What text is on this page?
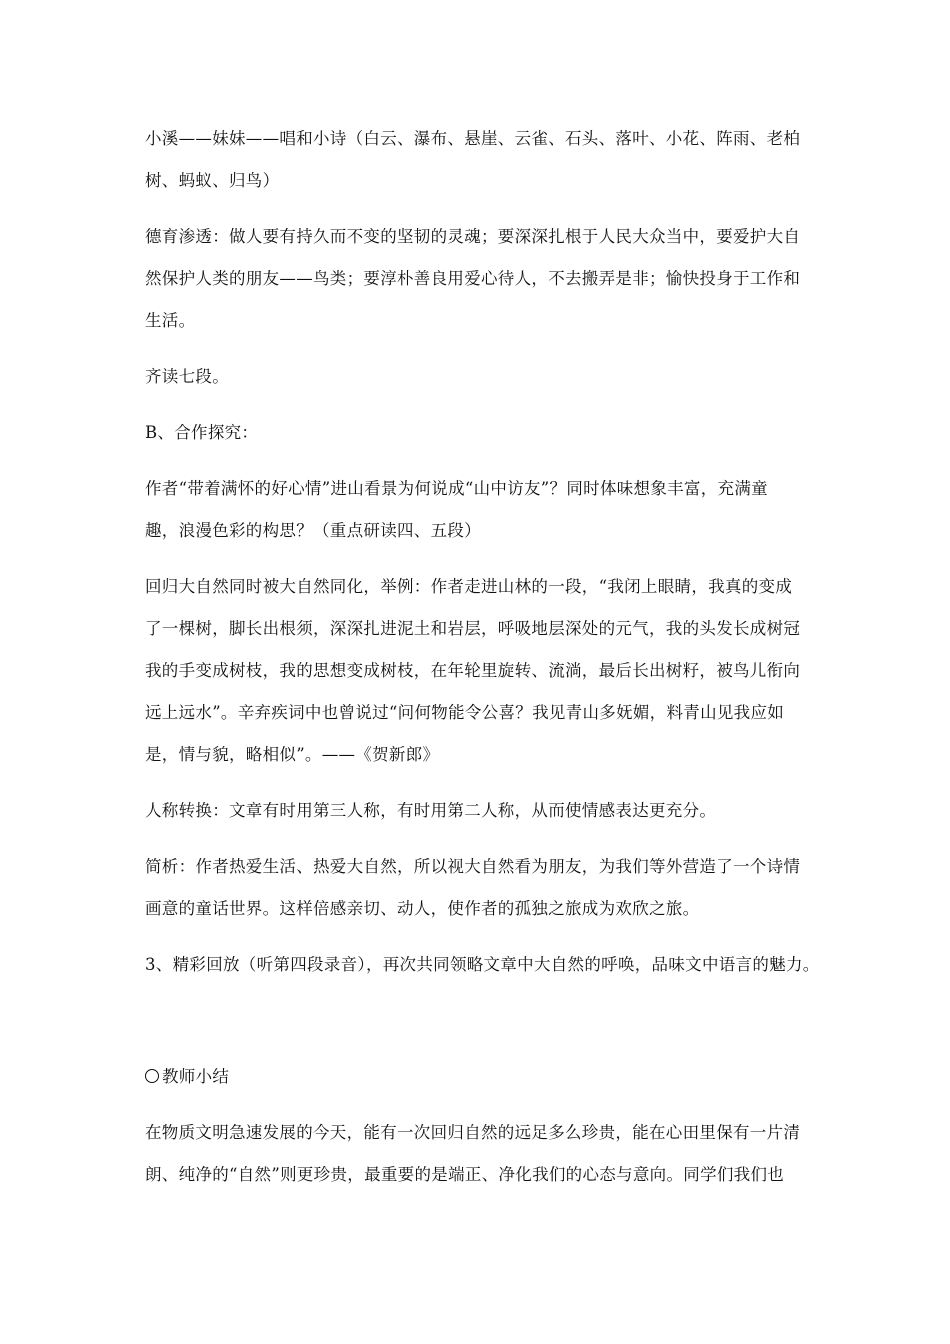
小溪——妹妹——唱和小诗（白云、瀑布、悬崖、云雀、石头、落叶、小花、阵雨、老柏
树、蚂蚁、归鸟）

德育渗透：做人要有持久而不变的坚韧的灵魂；要深深扎根于人民大众当中，要爱护大自
然保护人类的朋友——鸟类；要淳朴善良用爱心待人，不去搬弄是非；愉快投身于工作和
生活。

齐读七段。

B、合作探究：

作者“带着满怀的好心情”进山看景为何说成“山中访友”？同时体味想象丰富，充满童
趣，浪漫色彩的构思？（重点研读四、五段）

回归大自然同时被大自然同化，举例：作者走进山林的一段，“我闭上眼睛，我真的变成
了一棵树，脚长出根须，深深扎进泥土和岩层，呼吸地层深处的元气，我的头发长成树冠
我的手变成树枝，我的思想变成树枝，在年轮里旋转、流淌，最后长出树籽，被鸟儿衔向
远上远水”。辛弃疾词中也曾说过“问何物能令公喜？我见青山多妩媚，料青山见我应如
是，情与貌，略相似”。——《贺新郎》

人称转换：文章有时用第三人称，有时用第二人称，从而使情感表达更充分。

简析：作者热爱生活、热爱大自然，所以视大自然看为朋友，为我们等外营造了一个诗情
画意的童话世界。这样倍感亲切、动人，使作者的孤独之旅成为欢欣之旅。

3、精彩回放（听第四段录音），再次共同领略文章中大自然的呼唤，品味文中语言的魅力。

教师小结

在物质文明急速发展的今天，能有一次回归自然的远足多么珍贵，能在心田里保有一片清
朗、纯净的“自然”则更珍贵，最重要的是端正、净化我们的心态与意向。同学们我们也
